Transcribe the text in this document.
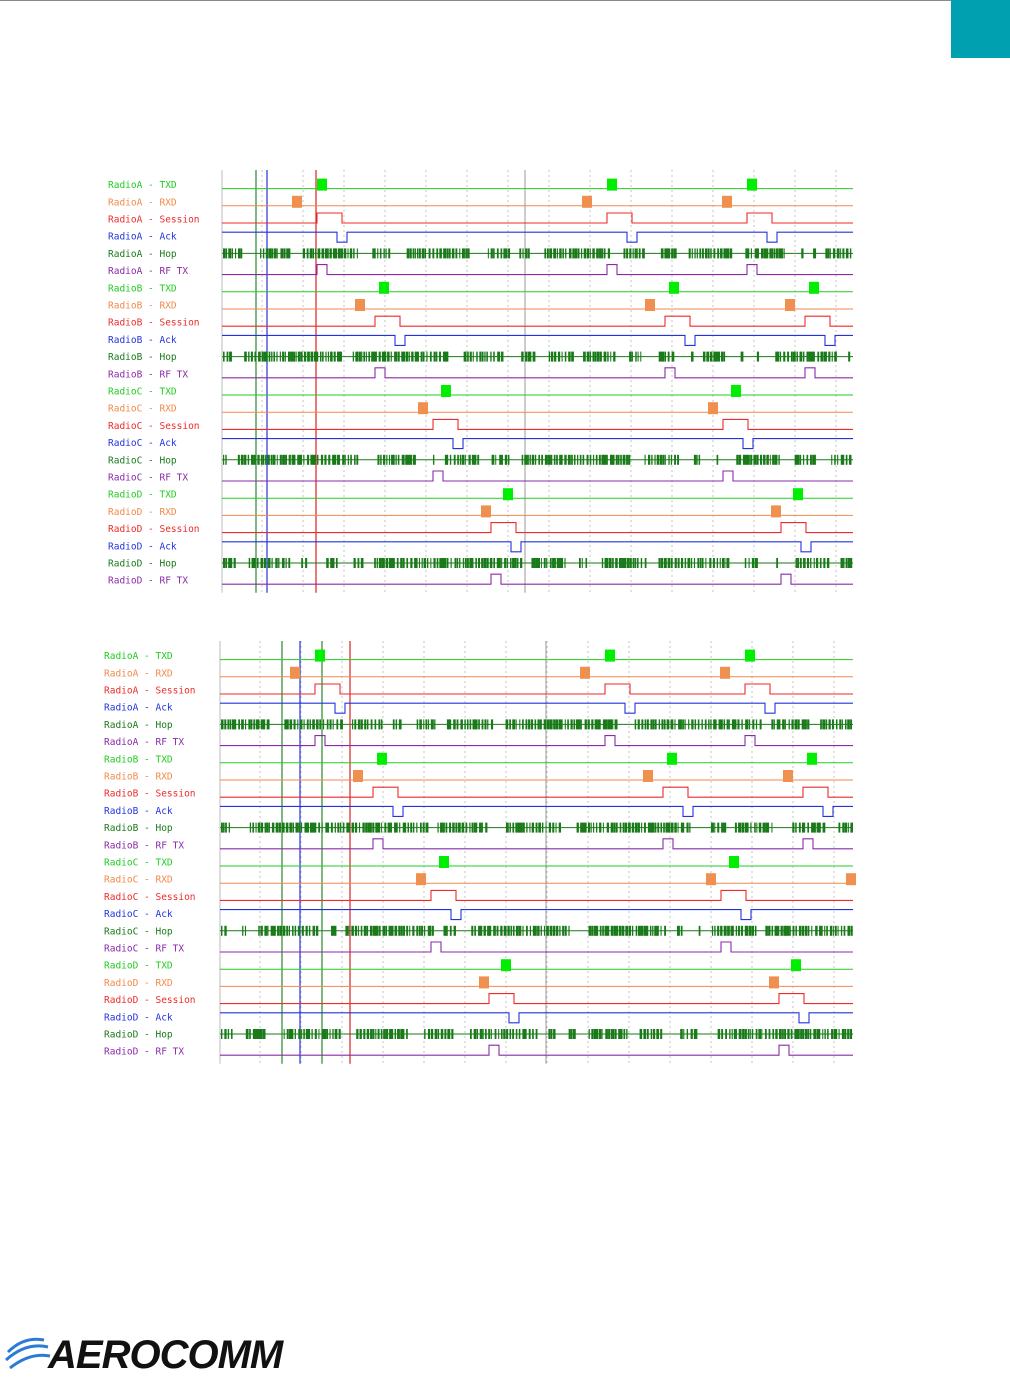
RadioA - TXD
RadioA - RXD
RadioA - Session
RadioA - Ack
RadioA - Hop
RadioA - RF TX
RadioB - TXD
RadioB - RXD
RadioB - Session
RadioB - Ack
RadioB - Hop
RadioB - RF TX
RadioC - TXD
RadioC - RXD
RadioC - Session
RadioC - Ack
RadioC - Hop
RadioC - RF TX
RadioD - TXD
RadioD - RXD
RadioD - Session
RadioD - Ack
RadioD - Hop
RadioD - RF TX
RadioA - TXD
RadioA - RXD
RadioA - Session
RadioA - Ack
RadioA - Hop
RadioA - RF TX
RadioB - TXD
RadioB - RXD
RadioB - Session
RadioB - Ack
RadioB - Hop
RadioB - RF TX
RadioC - TXD
RadioC - RXD
RadioC - Session
RadioC - Ack
RadioC - Hop
RadioC - RF TX
RadioD - TXD
RadioD - RXD
RadioD - Session
RadioD - Ack
RadioD - Hop
RadioD - RF TX
AEROCOMM
